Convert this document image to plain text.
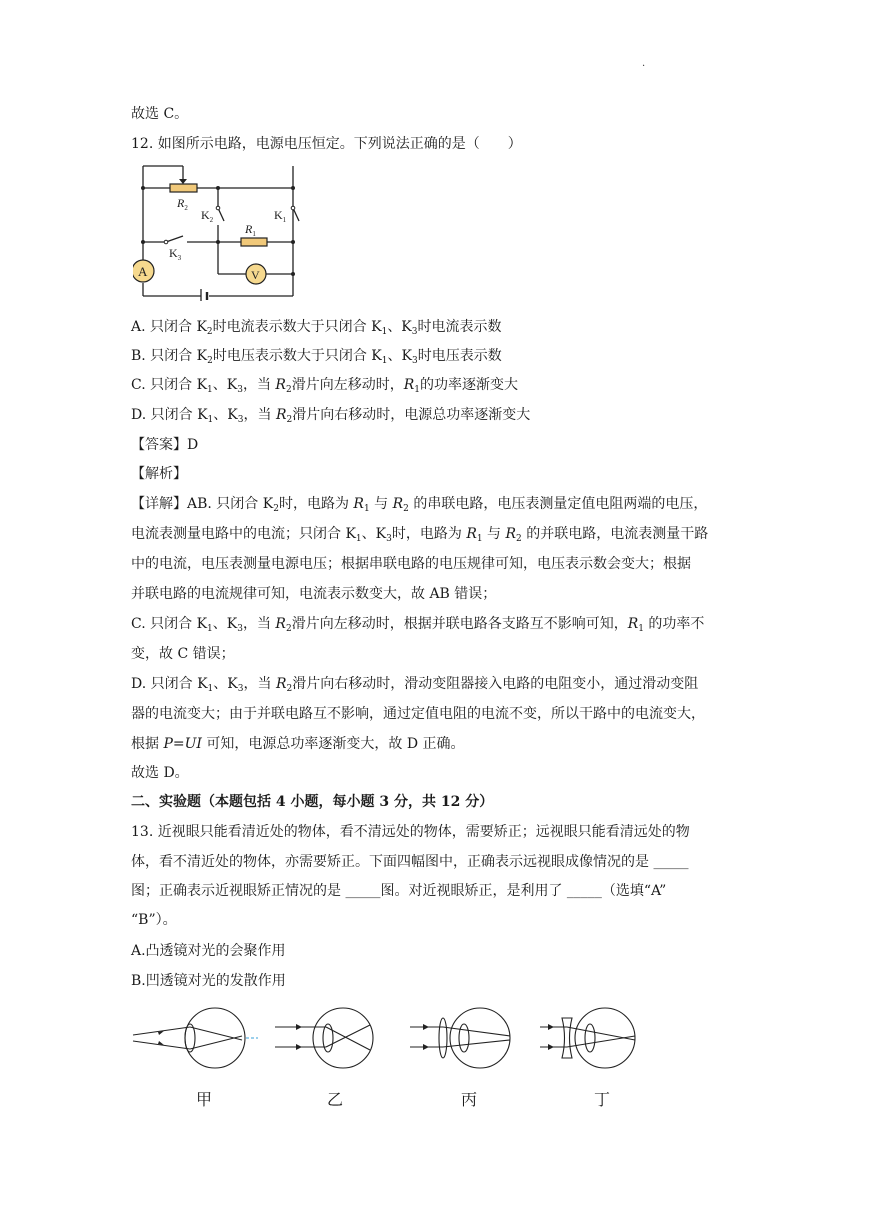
.
故选 C。
12. 如图所示电路，电源电压恒定。下列说法正确的是（　　）
$R_2$
$R_1$
$K_2$	$K_1$
$K_3$
A	V
A. 只闭合 $K_2$时电流表示数大于只闭合 $K_1$、$K_3$时电流表示数
B. 只闭合 $K_2$时电压表示数大于只闭合 $K_1$、$K_3$时电压表示数
C. 只闭合 $K_1$、$K_3$，当 $R_2$滑片向左移动时，$R_1$的功率逐渐变大
D. 只闭合 $K_1$、$K_3$，当 $R_2$滑片向右移动时，电源总功率逐渐变大
【答案】D
【解析】
【详解】AB. 只闭合 $K_2$时，电路为 $R_1$ 与 $R_2$ 的串联电路，电压表测量定值电阻两端的电压，
电流表测量电路中的电流；只闭合 $K_1$、$K_3$时，电路为 $R_1$ 与 $R_2$ 的并联电路，电流表测量干路
中的电流，电压表测量电源电压；根据串联电路的电压规律可知，电压表示数会变大；根据
并联电路的电流规律可知，电流表示数变大，故 AB 错误；
C. 只闭合 $K_1$、$K_3$，当 $R_2$滑片向左移动时，根据并联电路各支路互不影响可知，$R_1$ 的功率不
变，故 C 错误；
D. 只闭合 $K_1$、$K_3$，当 $R_2$滑片向右移动时，滑动变阻器接入电路的电阻变小，通过滑动变阻
器的电流变大；由于并联电路互不影响，通过定值电阻的电流不变，所以干路中的电流变大，
根据 P=UI 可知，电源总功率逐渐变大，故 D 正确。
故选 D。
二、实验题（本题包括 4 小题，每小题 3 分，共 12 分）
13. 近视眼只能看清近处的物体，看不清远处的物体，需要矫正；远视眼只能看清远处的物
体，看不清近处的物体，亦需要矫正。下面四幅图中，正确表示远视眼成像情况的是 _____
图；正确表示近视眼矫正情况的是 _____图。对近视眼矫正，是利用了 _____（选填“A”
“B”）。
A.凸透镜对光的会聚作用
B.凹透镜对光的发散作用
甲	乙	丙	丁
